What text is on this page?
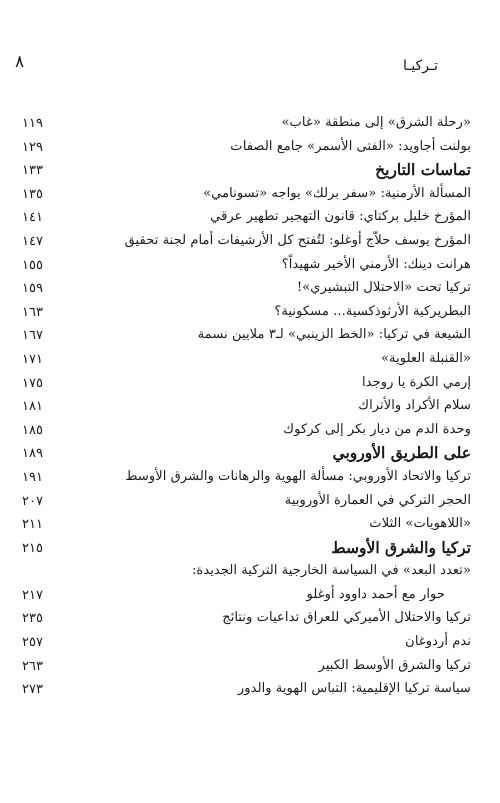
٨	تـركيـا
«رحلة الشرق» إلى منطقة «غاب»
١١٩
بولنت أجاويد: «الفتى الأسمر» جامع الصفات
١٢٩
تماسات التاريخ
١٣٣
المسألة الأرمنية: «سفر برلك» يواجه «تسونامي»
١٣٥
المؤرخ خليل بركتاي: قانون التهجير تطهير عرقي
١٤١
المؤرخ يوسف حلاّج أوغلو: لتُفتح كل الأرشيفات أمام لجنة تحقيق
١٤٧
هرانت دينك: الأرمني الأخير شهيداً؟
١٥٥
تركيا تحت «الاحتلال التبشيري»!
١٥٩
البطريركية الأرثوذكسية... مسكونية؟
١٦٣
الشيعة في تركيا: «الخط الزينبي» لـ٣ ملايين نسمة
١٦٧
«القنبلة العلوية»
١٧١
إرمي الكرة يا روجدا
١٧٥
سلام الأكراد والأتراك
١٨١
وحدة الدم من ديار بكر إلى كركوك
١٨٥
على الطريق الأوروبي
١٨٩
تركيا والاتحاد الأوروبي: مسألة الهوية والرهانات والشرق الأوسط
١٩١
الحجر التركي في العمارة الأوروبية
٢٠٧
«اللاهويات» الثلاث
٢١١
تركيا والشرق الأوسط
٢١٥
«تعدد البعد» في السياسة الخارجية التركية الجديدة:
حوار مع أحمد داوود أوغلو
٢١٧
تركيا والاحتلال الأميركي للعراق تداعيات ونتائج
٢٣٥
ندم أردوغان
٢٥٧
تركيا والشرق الأوسط الكبير
٢٦٣
سياسة تركيا الإقليمية: التباس الهوية والدور
٢٧٣
